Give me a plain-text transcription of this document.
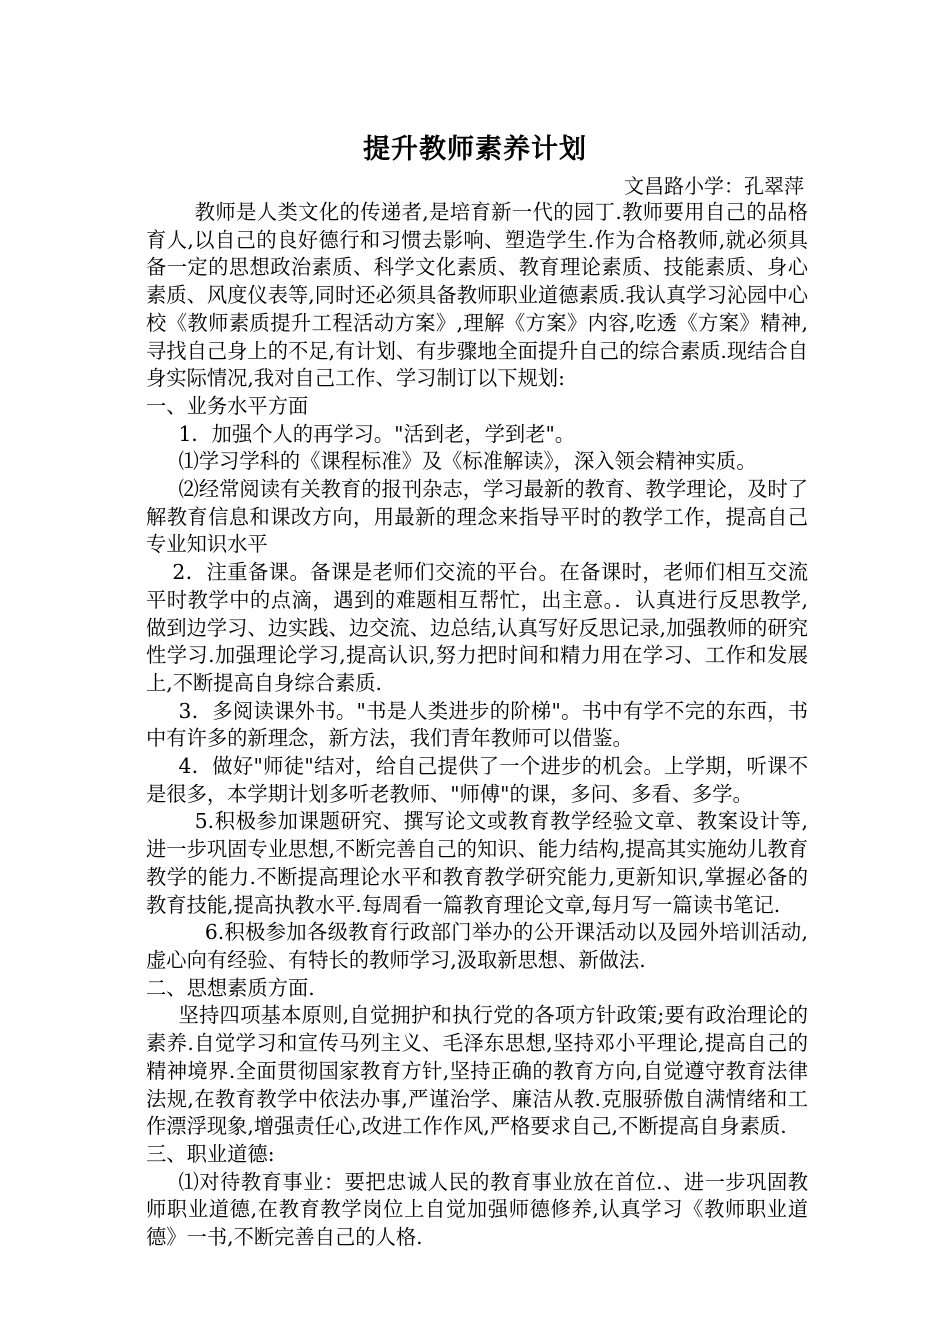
提升教师素养计划
文昌路小学：孔翠萍

教师是人类文化的传递者,是培育新一代的园丁.教师要用自己的品格育人,以自己的良好德行和习惯去影响、塑造学生.作为合格教师,就必须具备一定的思想政治素质、科学文化素质、教育理论素质、技能素质、身心素质、风度仪表等,同时还必须具备教师职业道德素质.我认真学习沁园中心校《教师素质提升工程活动方案》,理解《方案》内容,吃透《方案》精神,寻找自己身上的不足,有计划、有步骤地全面提升自己的综合素质.现结合自身实际情况,我对自己工作、学习制订以下规划:

一、业务水平方面

1．加强个人的再学习。"活到老，学到老"。

⑴学习学科的《课程标准》及《标准解读》，深入领会精神实质。

⑵经常阅读有关教育的报刊杂志，学习最新的教育、教学理论，及时了解教育信息和课改方向，用最新的理念来指导平时的教学工作，提高自己专业知识水平

2．注重备课。备课是老师们交流的平台。在备课时，老师们相互交流平时教学中的点滴，遇到的难题相互帮忙，出主意。．认真进行反思教学,做到边学习、边实践、边交流、边总结,认真写好反思记录,加强教师的研究性学习.加强理论学习,提高认识,努力把时间和精力用在学习、工作和发展上,不断提高自身综合素质.

3．多阅读课外书。"书是人类进步的阶梯"。书中有学不完的东西，书中有许多的新理念，新方法，我们青年教师可以借鉴。

4．做好"师徒"结对，给自己提供了一个进步的机会。上学期，听课不是很多，本学期计划多听老教师、"师傅"的课，多问、多看、多学。

5.积极参加课题研究、撰写论文或教育教学经验文章、教案设计等,进一步巩固专业思想,不断完善自己的知识、能力结构,提高其实施幼儿教育教学的能力.不断提高理论水平和教育教学研究能力,更新知识,掌握必备的教育技能,提高执教水平.每周看一篇教育理论文章,每月写一篇读书笔记.

6.积极参加各级教育行政部门举办的公开课活动以及园外培训活动,虚心向有经验、有特长的教师学习,汲取新思想、新做法.

二、思想素质方面.

坚持四项基本原则,自觉拥护和执行党的各项方针政策;要有政治理论的素养.自觉学习和宣传马列主义、毛泽东思想,坚持邓小平理论,提高自己的精神境界.全面贯彻国家教育方针,坚持正确的教育方向,自觉遵守教育法律法规,在教育教学中依法办事,严谨治学、廉洁从教.克服骄傲自满情绪和工作漂浮现象,增强责任心,改进工作作风,严格要求自己,不断提高自身素质.

三、职业道德:

⑴对待教育事业：要把忠诚人民的教育事业放在首位.、进一步巩固教师职业道德,在教育教学岗位上自觉加强师德修养,认真学习《教师职业道德》一书,不断完善自己的人格.
